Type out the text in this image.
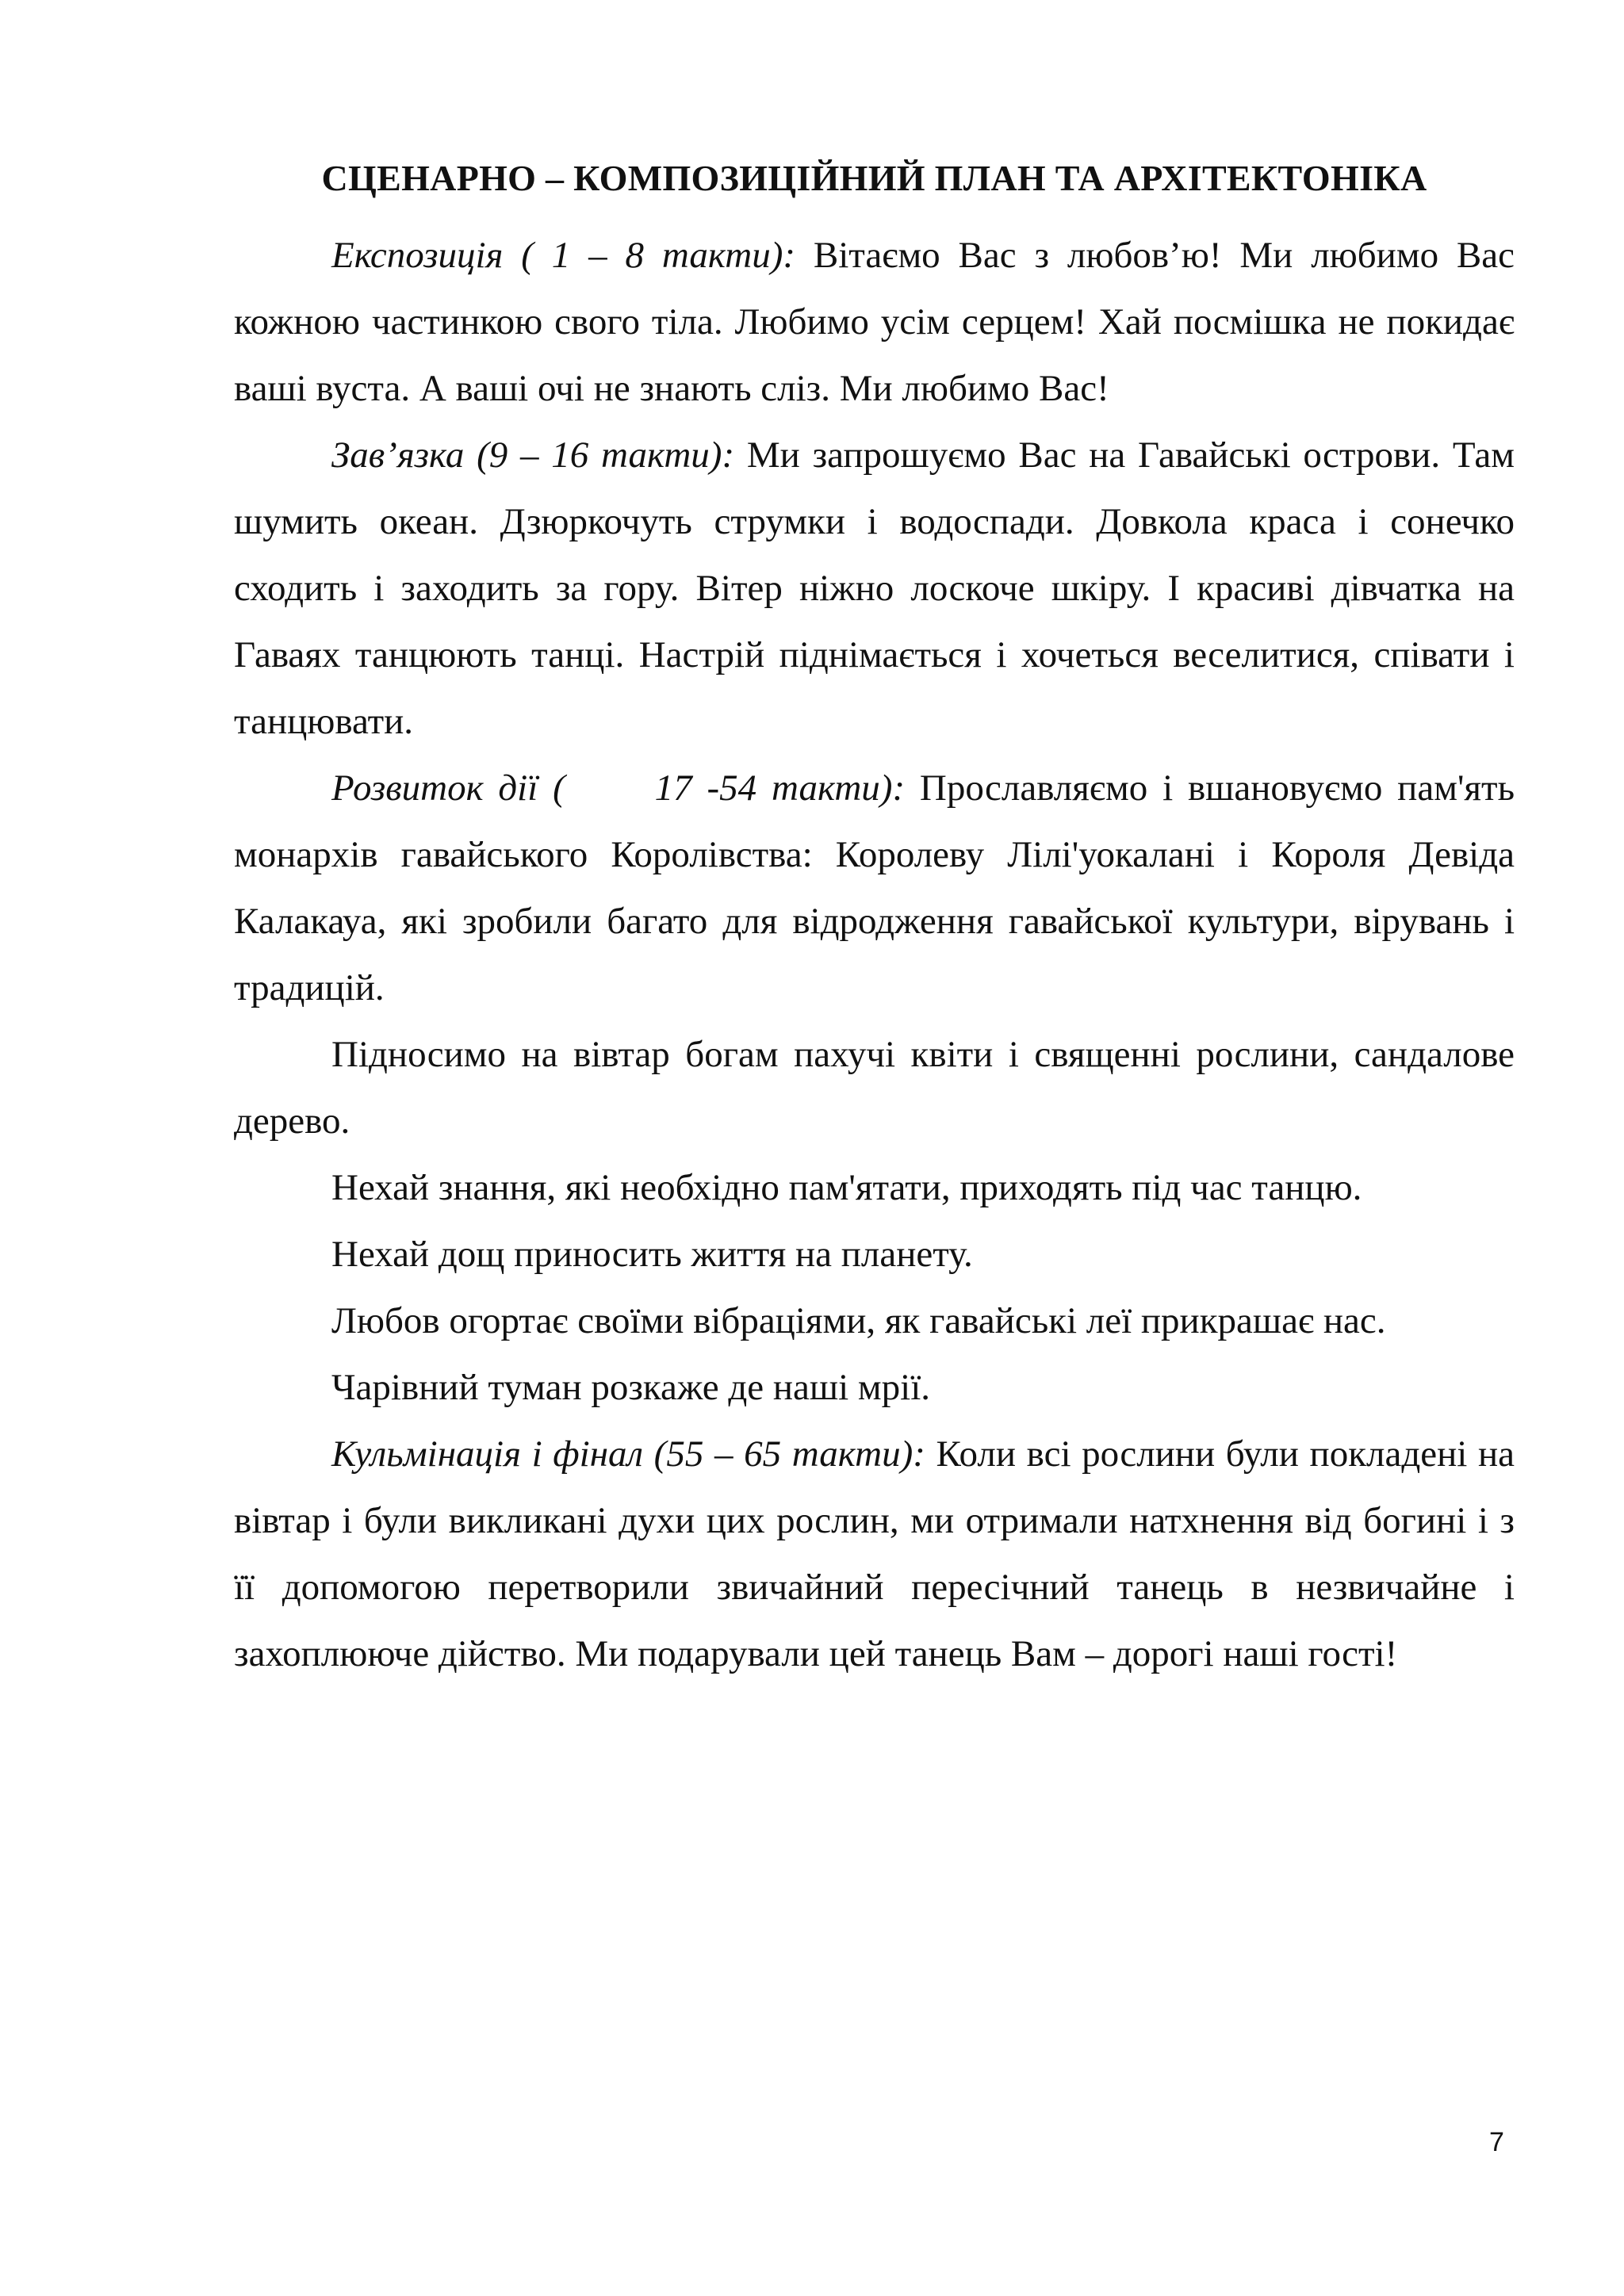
СЦЕНАРНО – КОМПОЗИЦІЙНИЙ ПЛАН ТА АРХІТЕКТОНІКА

Експозиція ( 1 – 8 такти): Вітаємо Вас з любов’ю! Ми любимо Вас кожною частинкою свого тіла. Любимо усім серцем! Хай посмішка не покидає ваші вуста. А ваші очі не знають сліз. Ми любимо Вас!

Зав’язка (9 – 16 такти): Ми запрошуємо Вас на Гавайські острови. Там шумить океан. Дзюркочуть струмки і водоспади. Довкола краса і сонечко сходить і заходить за гору. Вітер ніжно лоскоче шкіру. І красиві дівчатка на Гаваях танцюють танці. Настрій піднімається і хочеться веселитися, співати і танцювати.

Розвиток дії ( 17 -54 такти): Прославляємо і вшановуємо пам'ять монархів гавайського Королівства: Королеву Лілі'уокалані і Короля Девіда Калакауа, які зробили багато для відродження гавайської культури, вірувань і традицій.

Підносимо на вівтар богам пахучі квіти і священні рослини, сандалове дерево.

Нехай знання, які необхідно пам'ятати, приходять під час танцю.

Нехай дощ приносить життя на планету.

Любов огортає своїми вібраціями, як гавайські леї прикрашає нас.

Чарівний туман розкаже де наші мрії.

Кульмінація і фінал (55 – 65 такти): Коли всі рослини були покладені на вівтар і були викликані духи цих рослин, ми отримали натхнення від богині і з її допомогою перетворили звичайний пересічний танець в незвичайне і захоплююче дійство. Ми подарували цей танець Вам – дорогі наші гості!

7
